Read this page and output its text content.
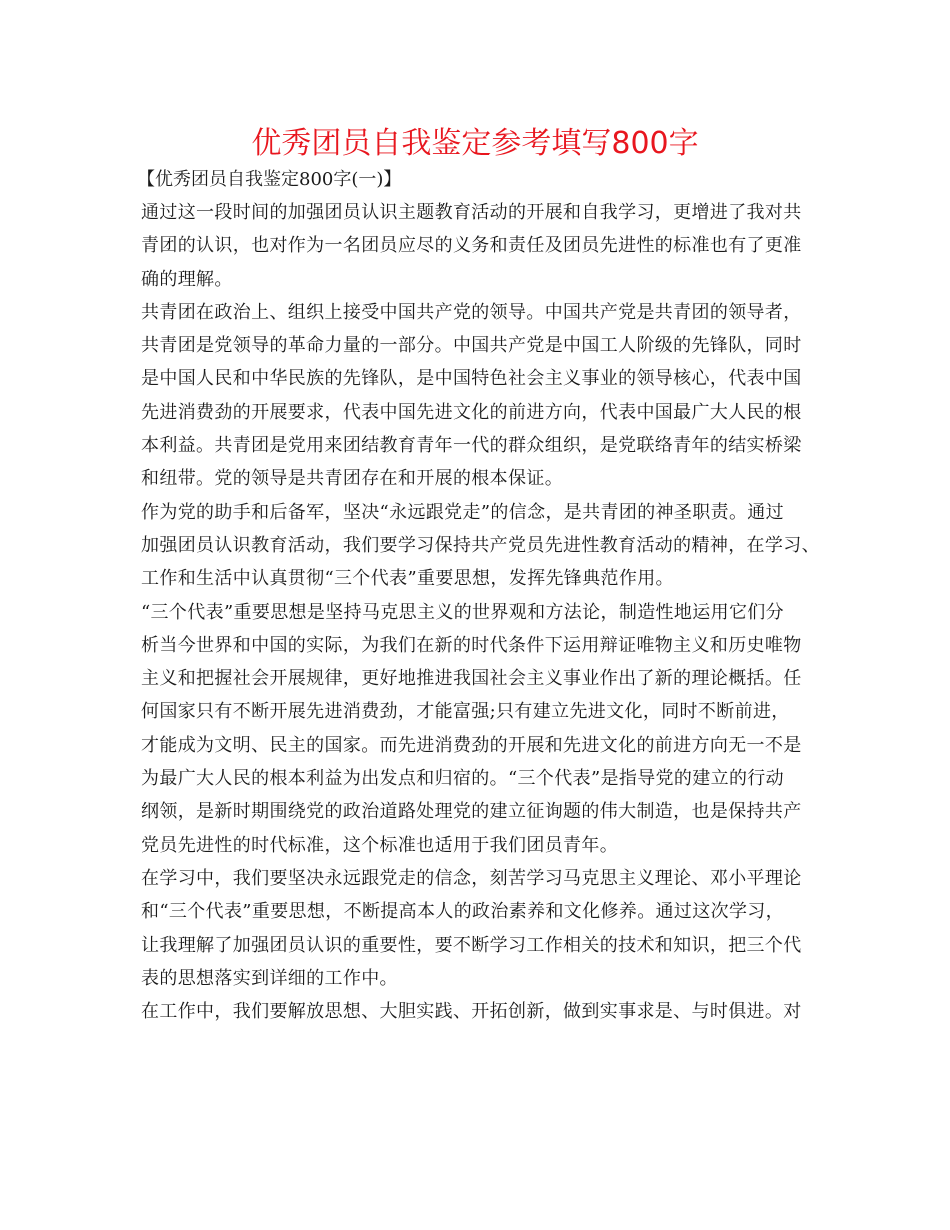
优秀团员自我鉴定参考填写800字
【优秀团员自我鉴定800字(一)】
通过这一段时间的加强团员认识主题教育活动的开展和自我学习，更增进了我对共
青团的认识，也对作为一名团员应尽的义务和责任及团员先进性的标准也有了更准
确的理解。
共青团在政治上、组织上接受中国共产党的领导。中国共产党是共青团的领导者，
共青团是党领导的革命力量的一部分。中国共产党是中国工人阶级的先锋队，同时
是中国人民和中华民族的先锋队，是中国特色社会主义事业的领导核心，代表中国
先进消费劲的开展要求，代表中国先进文化的前进方向，代表中国最广大人民的根
本利益。共青团是党用来团结教育青年一代的群众组织，是党联络青年的结实桥梁
和纽带。党的领导是共青团存在和开展的根本保证。
作为党的助手和后备军，坚决“永远跟党走”的信念，是共青团的神圣职责。通过
加强团员认识教育活动，我们要学习保持共产党员先进性教育活动的精神，在学习、
工作和生活中认真贯彻“三个代表”重要思想，发挥先锋典范作用。
“三个代表”重要思想是坚持马克思主义的世界观和方法论，制造性地运用它们分
析当今世界和中国的实际，为我们在新的时代条件下运用辩证唯物主义和历史唯物
主义和把握社会开展规律，更好地推进我国社会主义事业作出了新的理论概括。任
何国家只有不断开展先进消费劲，才能富强;只有建立先进文化，同时不断前进，
才能成为文明、民主的国家。而先进消费劲的开展和先进文化的前进方向无一不是
为最广大人民的根本利益为出发点和归宿的。“三个代表”是指导党的建立的行动
纲领，是新时期围绕党的政治道路处理党的建立征询题的伟大制造，也是保持共产
党员先进性的时代标准，这个标准也适用于我们团员青年。
在学习中，我们要坚决永远跟党走的信念，刻苦学习马克思主义理论、邓小平理论
和“三个代表”重要思想，不断提高本人的政治素养和文化修养。通过这次学习，
让我理解了加强团员认识的重要性，要不断学习工作相关的技术和知识，把三个代
表的思想落实到详细的工作中。
在工作中，我们要解放思想、大胆实践、开拓创新，做到实事求是、与时俱进。对
